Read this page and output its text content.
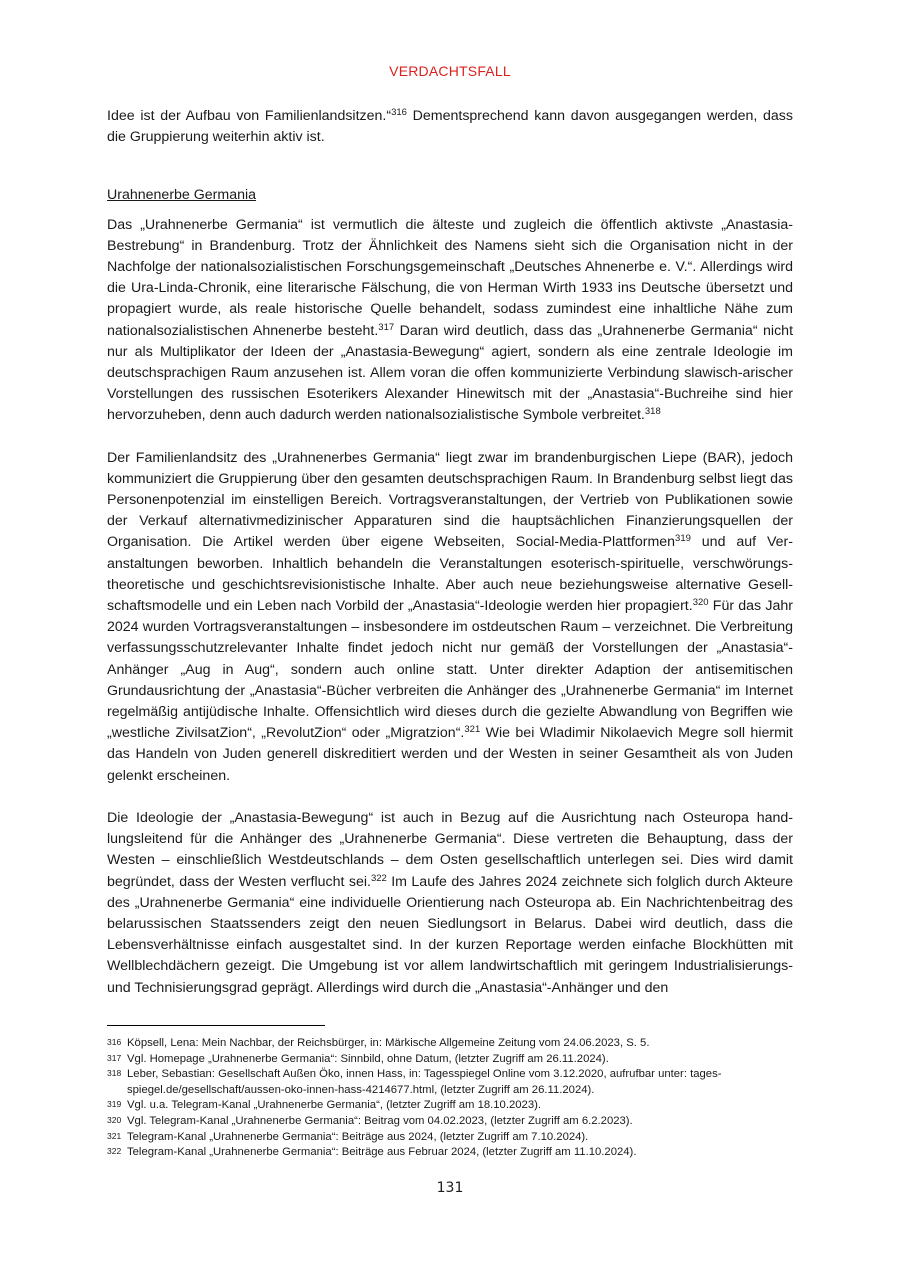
VERDACHTSFALL

Idee ist der Aufbau von Familienlandsitzen.“$^{316}$ Dementsprechend kann davon ausgegangen werden, dass die Gruppierung weiterhin aktiv ist.

Urahnenerbe Germania

Das „Urahnenerbe Germania“ ist vermutlich die älteste und zugleich die öffentlich aktivste „Anastasia-Bestrebung“ in Brandenburg. Trotz der Ähnlichkeit des Namens sieht sich die Organisation nicht in der Nachfolge der nationalsozialistischen Forschungsgemeinschaft „Deutsches Ahnenerbe e. V.“. Allerdings wird die Ura-Linda-Chronik, eine literarische Fälschung, die von Herman Wirth 1933 ins Deutsche übersetzt und propagiert wurde, als reale historische Quelle behandelt, sodass zumindest eine inhaltliche Nähe zum nationalsozialistischen Ahnenerbe besteht.$^{317}$ Daran wird deutlich, dass das „Urahnenerbe Germania“ nicht nur als Multiplikator der Ideen der „Anastasia-Bewegung“ agiert, sondern als eine zentrale Ideologie im deutschsprachigen Raum anzusehen ist. Allem voran die offen kommunizierte Verbindung slawisch-arischer Vorstellungen des russischen Esoterikers Alexander Hinewitsch mit der „Anastasia“-Buchreihe sind hier hervorzuheben, denn auch dadurch werden nationalsozialistische Symbole verbreitet.$^{318}$

Der Familienlandsitz des „Urahnenerbes Germania“ liegt zwar im brandenburgischen Liepe (BAR), jedoch kommuniziert die Gruppierung über den gesamten deutschsprachigen Raum. In Brandenburg selbst liegt das Personenpotenzial im einstelligen Bereich. Vortragsveranstaltungen, der Vertrieb von Publikationen sowie der Verkauf alternativmedizinischer Apparaturen sind die hauptsächlichen Finanzierungsquellen der Organisation. Die Artikel werden über eigene Webseiten, Social-Media-Plattformen$^{319}$ und auf Veranstaltungen beworben. Inhaltlich behandeln die Veranstaltungen esoterisch-spirituelle, verschwörungstheoretische und geschichtsrevisionistische Inhalte. Aber auch neue beziehungsweise alternative Gesellschaftsmodelle und ein Leben nach Vorbild der „Anastasia“-Ideologie werden hier propagiert.$^{320}$ Für das Jahr 2024 wurden Vortragsveranstaltungen – insbesondere im ostdeutschen Raum – verzeichnet. Die Verbreitung verfassungsschutzrelevanter Inhalte findet jedoch nicht nur gemäß der Vorstellungen der „Anastasia“-Anhänger „Aug in Aug“, sondern auch online statt. Unter direkter Adaption der antisemitischen Grundausrichtung der „Anastasia“-Bücher verbreiten die Anhänger des „Urahnenerbe Germania“ im Internet regelmäßig antijüdische Inhalte. Offensichtlich wird dieses durch die gezielte Abwandlung von Begriffen wie „westliche ZivilsatZion“, „RevolutZion“ oder „Migratzion“.$^{321}$ Wie bei Wladimir Nikolaevich Megre soll hiermit das Handeln von Juden generell diskreditiert werden und der Westen in seiner Gesamtheit als von Juden gelenkt erscheinen.

Die Ideologie der „Anastasia-Bewegung“ ist auch in Bezug auf die Ausrichtung nach Osteuropa handlungsleitend für die Anhänger des „Urahnenerbe Germania“. Diese vertreten die Behauptung, dass der Westen – einschließlich Westdeutschlands – dem Osten gesellschaftlich unterlegen sei. Dies wird damit begründet, dass der Westen verflucht sei.$^{322}$ Im Laufe des Jahres 2024 zeichnete sich folglich durch Akteure des „Urahnenerbe Germania“ eine individuelle Orientierung nach Osteuropa ab. Ein Nachrichtenbeitrag des belarussischen Staatssenders zeigt den neuen Siedlungsort in Belarus. Dabei wird deutlich, dass die Lebensverhältnisse einfach ausgestaltet sind. In der kurzen Reportage werden einfache Blockhütten mit Wellblechdächern gezeigt. Die Umgebung ist vor allem landwirtschaftlich mit geringem Industrialisierungs- und Technisierungsgrad geprägt. Allerdings wird durch die „Anastasia“-Anhänger und den

316 Köpsell, Lena: Mein Nachbar, der Reichsbürger, in: Märkische Allgemeine Zeitung vom 24.06.2023, S. 5.
317 Vgl. Homepage „Urahnenerbe Germania“: Sinnbild, ohne Datum, (letzter Zugriff am 26.11.2024).
318 Leber, Sebastian: Gesellschaft Außen Öko, innen Hass, in: Tagesspiegel Online vom 3.12.2020, aufrufbar unter: tagesspiegel.de/gesellschaft/aussen-oko-innen-hass-4214677.html, (letzter Zugriff am 26.11.2024).
319 Vgl. u.a. Telegram-Kanal „Urahnenerbe Germania“, (letzter Zugriff am 18.10.2023).
320 Vgl. Telegram-Kanal „Urahnenerbe Germania“: Beitrag vom 04.02.2023, (letzter Zugriff am 6.2.2023).
321 Telegram-Kanal „Urahnenerbe Germania“: Beiträge aus 2024, (letzter Zugriff am 7.10.2024).
322 Telegram-Kanal „Urahnenerbe Germania“: Beiträge aus Februar 2024, (letzter Zugriff am 11.10.2024).
131
